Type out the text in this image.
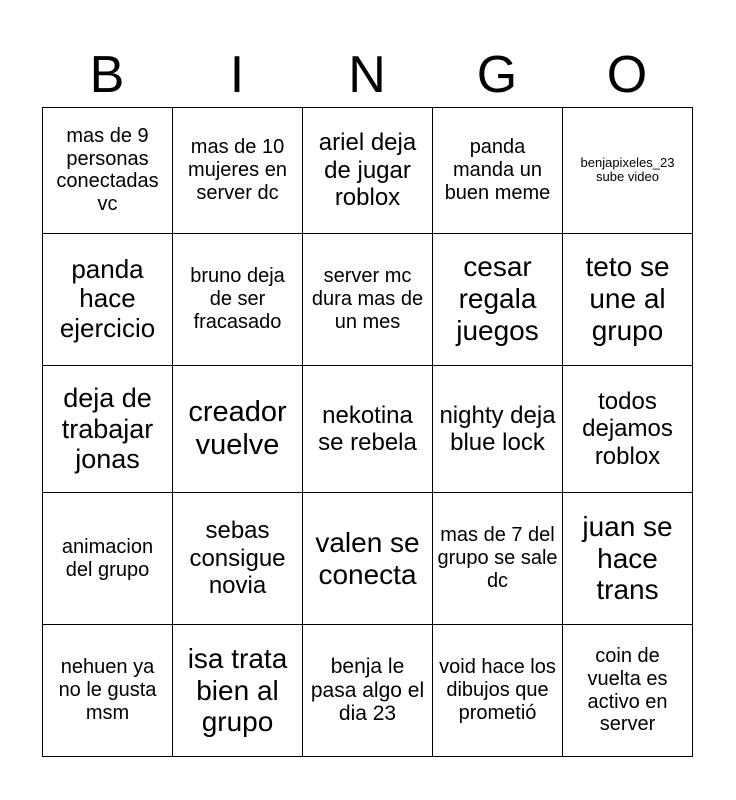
B	I	N	G	O
mas de 9 personas conectadas vc	mas de 10 mujeres en server dc	ariel deja de jugar roblox	panda manda un buen meme	benjapixeles_23 sube video
panda hace ejercicio	bruno deja de ser fracasado	server mc dura mas de un mes	cesar regala juegos	teto se une al grupo
deja de trabajar jonas	creador vuelve	nekotina se rebela	nighty deja blue lock	todos dejamos roblox
animacion del grupo	sebas consigue novia	valen se conecta	mas de 7 del grupo se sale dc	juan se hace trans
nehuen ya no le gusta msm	isa trata bien al grupo	benja le pasa algo el dia 23	void hace los dibujos que prometió	coin de vuelta es activo en server
